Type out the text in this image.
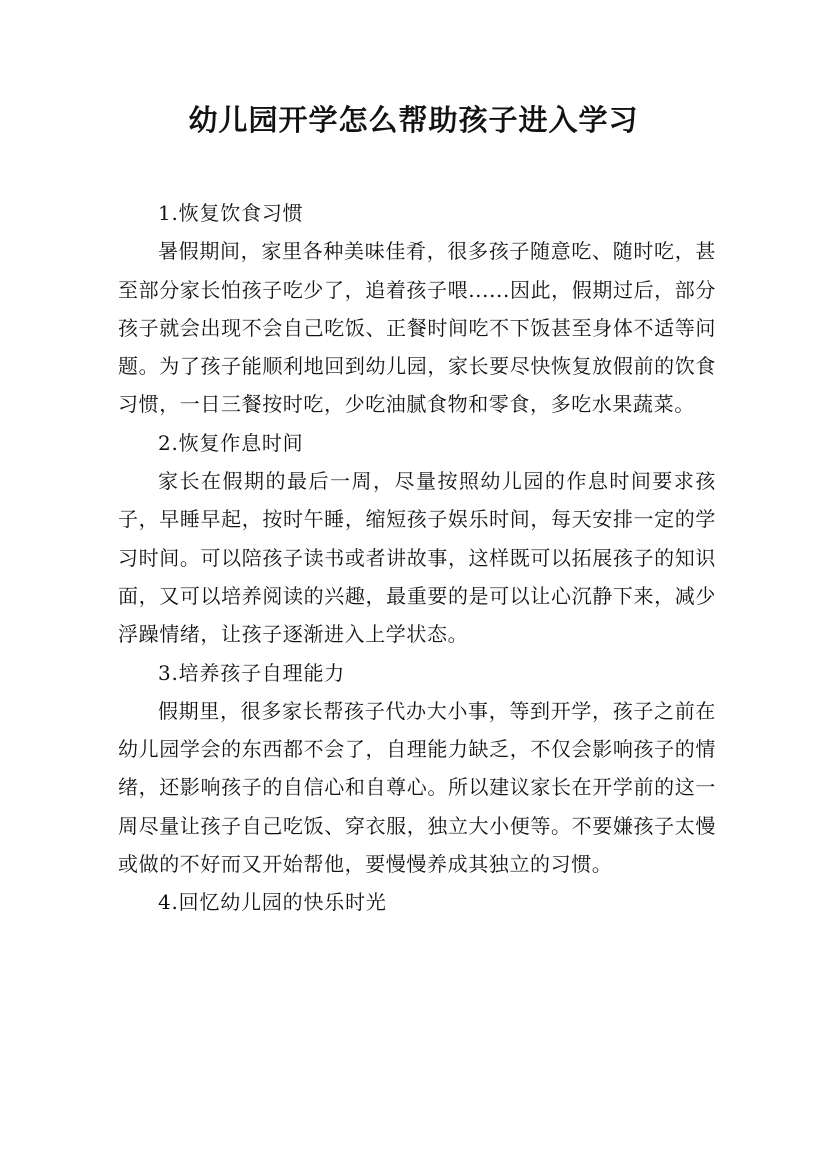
幼儿园开学怎么帮助孩子进入学习

1.恢复饮食习惯

暑假期间，家里各种美味佳肴，很多孩子随意吃、随时吃，甚至部分家长怕孩子吃少了，追着孩子喂......因此，假期过后，部分孩子就会出现不会自己吃饭、正餐时间吃不下饭甚至身体不适等问题。为了孩子能顺利地回到幼儿园，家长要尽快恢复放假前的饮食习惯，一日三餐按时吃，少吃油腻食物和零食，多吃水果蔬菜。

2.恢复作息时间

家长在假期的最后一周，尽量按照幼儿园的作息时间要求孩子，早睡早起，按时午睡，缩短孩子娱乐时间，每天安排一定的学习时间。可以陪孩子读书或者讲故事，这样既可以拓展孩子的知识面，又可以培养阅读的兴趣，最重要的是可以让心沉静下来，减少浮躁情绪，让孩子逐渐进入上学状态。

3.培养孩子自理能力

假期里，很多家长帮孩子代办大小事，等到开学，孩子之前在幼儿园学会的东西都不会了，自理能力缺乏，不仅会影响孩子的情绪，还影响孩子的自信心和自尊心。所以建议家长在开学前的这一周尽量让孩子自己吃饭、穿衣服，独立大小便等。不要嫌孩子太慢或做的不好而又开始帮他，要慢慢养成其独立的习惯。

4.回忆幼儿园的快乐时光
